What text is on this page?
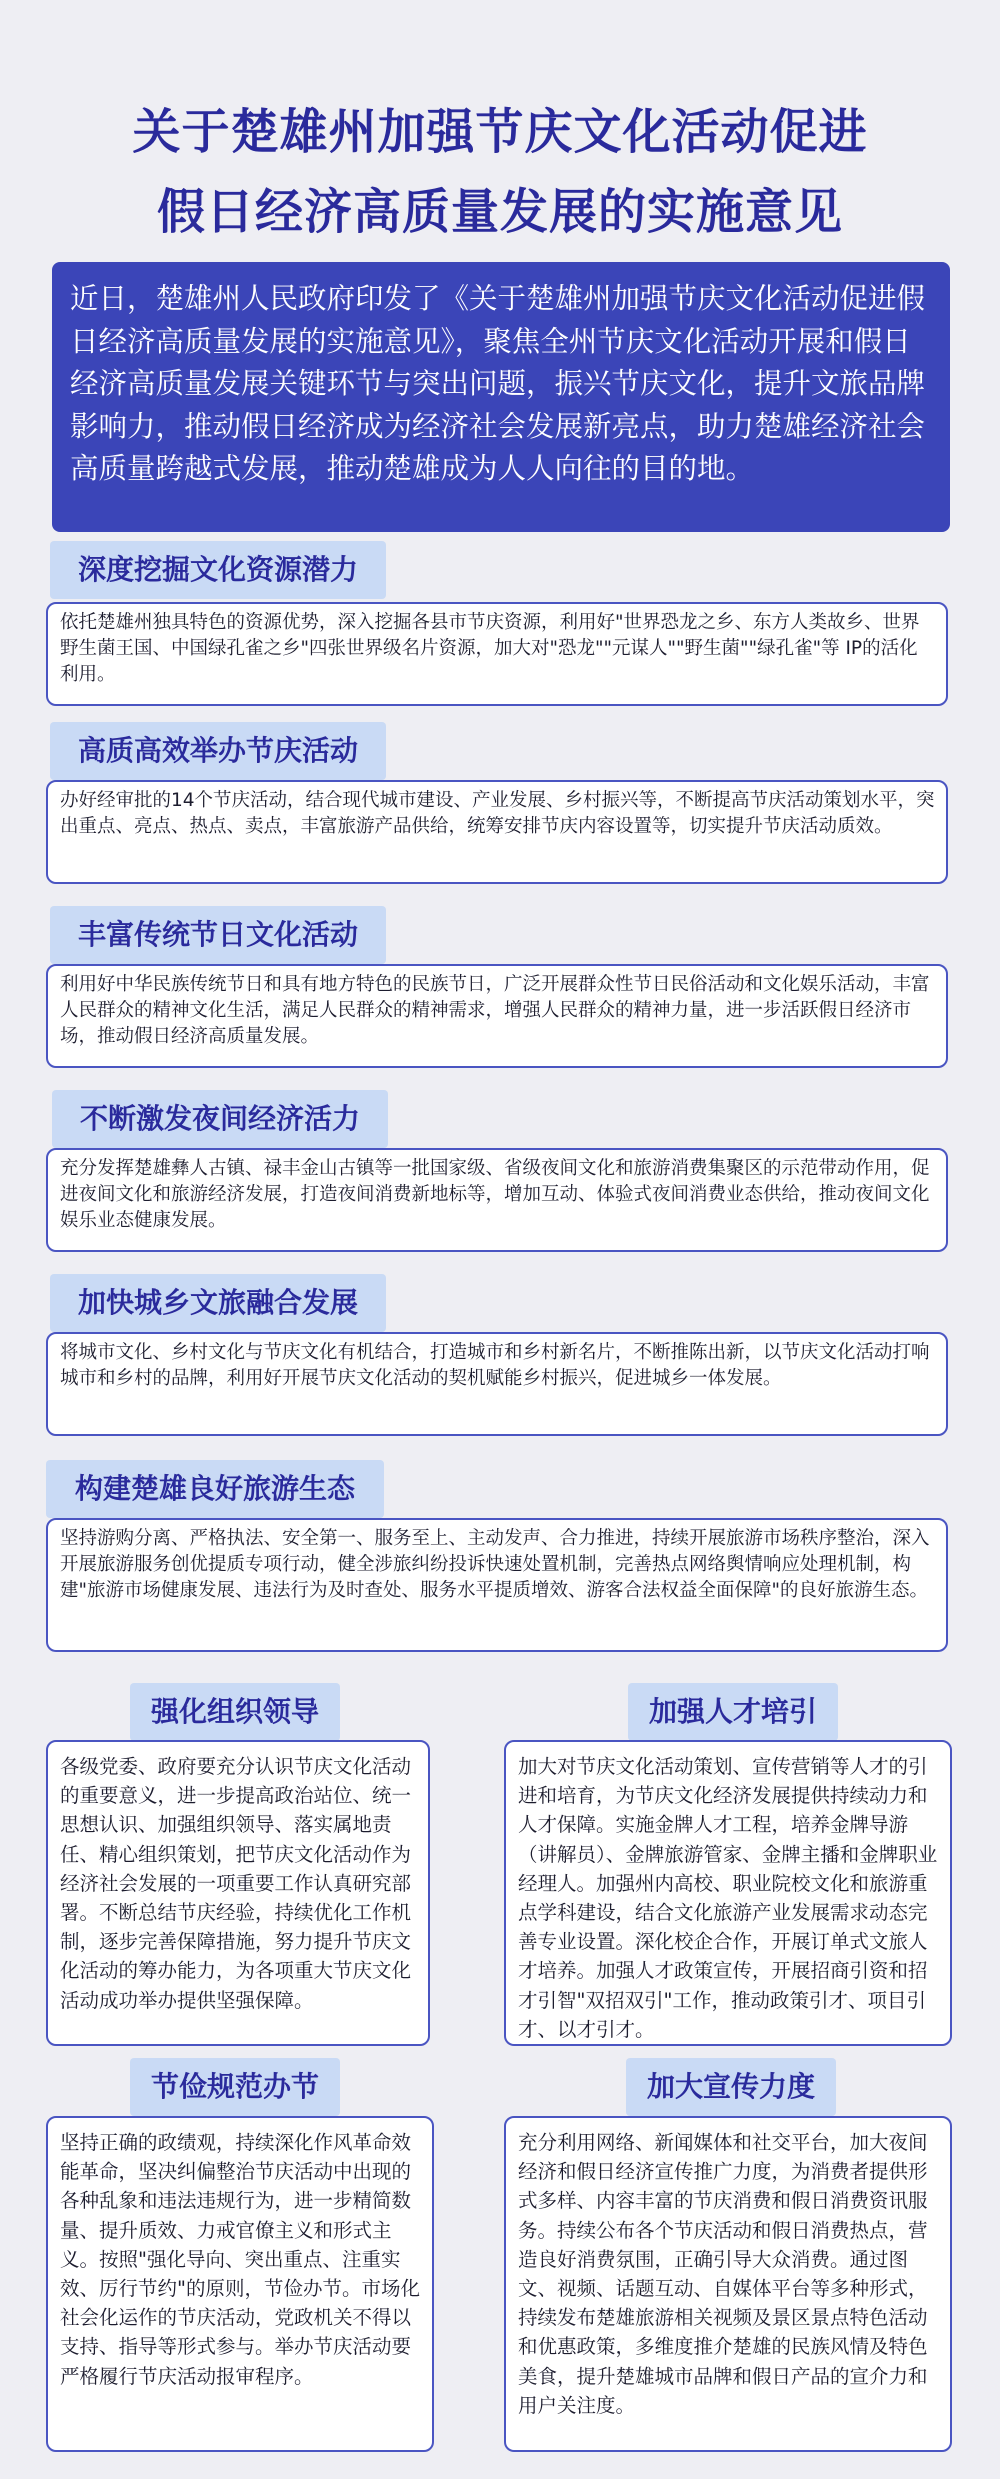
关于楚雄州加强节庆文化活动促进
假日经济高质量发展的实施意见
近日，楚雄州人民政府印发了《关于楚雄州加强节庆文化活动促进假日经济高质量发展的实施意见》，聚焦全州节庆文化活动开展和假日经济高质量发展关键环节与突出问题，振兴节庆文化，提升文旅品牌影响力，推动假日经济成为经济社会发展新亮点，助力楚雄经济社会高质量跨越式发展，推动楚雄成为人人向往的目的地。
深度挖掘文化资源潜力
依托楚雄州独具特色的资源优势，深入挖掘各县市节庆资源，利用好"世界恐龙之乡、东方人类故乡、世界野生菌王国、中国绿孔雀之乡"四张世界级名片资源，加大对"恐龙""元谋人""野生菌""绿孔雀"等 IP的活化利用。
高质高效举办节庆活动
办好经审批的14个节庆活动，结合现代城市建设、产业发展、乡村振兴等，不断提高节庆活动策划水平，突出重点、亮点、热点、卖点，丰富旅游产品供给，统筹安排节庆内容设置等，切实提升节庆活动质效。
丰富传统节日文化活动
利用好中华民族传统节日和具有地方特色的民族节日，广泛开展群众性节日民俗活动和文化娱乐活动，丰富人民群众的精神文化生活，满足人民群众的精神需求，增强人民群众的精神力量，进一步活跃假日经济市场，推动假日经济高质量发展。
不断激发夜间经济活力
充分发挥楚雄彝人古镇、禄丰金山古镇等一批国家级、省级夜间文化和旅游消费集聚区的示范带动作用，促进夜间文化和旅游经济发展，打造夜间消费新地标等，增加互动、体验式夜间消费业态供给，推动夜间文化娱乐业态健康发展。
加快城乡文旅融合发展
将城市文化、乡村文化与节庆文化有机结合，打造城市和乡村新名片，不断推陈出新，以节庆文化活动打响城市和乡村的品牌，利用好开展节庆文化活动的契机赋能乡村振兴，促进城乡一体发展。
构建楚雄良好旅游生态
坚持游购分离、严格执法、安全第一、服务至上、主动发声、合力推进，持续开展旅游市场秩序整治，深入开展旅游服务创优提质专项行动，健全涉旅纠纷投诉快速处置机制，完善热点网络舆情响应处理机制，构建"旅游市场健康发展、违法行为及时查处、服务水平提质增效、游客合法权益全面保障"的良好旅游生态。
强化组织领导
各级党委、政府要充分认识节庆文化活动的重要意义，进一步提高政治站位、统一思想认识、加强组织领导、落实属地责任、精心组织策划，把节庆文化活动作为经济社会发展的一项重要工作认真研究部署。不断总结节庆经验，持续优化工作机制，逐步完善保障措施，努力提升节庆文化活动的筹办能力，为各项重大节庆文化活动成功举办提供坚强保障。
加强人才培引
加大对节庆文化活动策划、宣传营销等人才的引进和培育，为节庆文化经济发展提供持续动力和人才保障。实施金牌人才工程，培养金牌导游（讲解员）、金牌旅游管家、金牌主播和金牌职业经理人。加强州内高校、职业院校文化和旅游重点学科建设，结合文化旅游产业发展需求动态完善专业设置。深化校企合作，开展订单式文旅人才培养。加强人才政策宣传，开展招商引资和招才引智"双招双引"工作，推动政策引才、项目引才、以才引才。
节俭规范办节
坚持正确的政绩观，持续深化作风革命效能革命，坚决纠偏整治节庆活动中出现的各种乱象和违法违规行为，进一步精简数量、提升质效、力戒官僚主义和形式主义。按照"强化导向、突出重点、注重实效、厉行节约"的原则，节俭办节。市场化社会化运作的节庆活动，党政机关不得以支持、指导等形式参与。举办节庆活动要严格履行节庆活动报审程序。
加大宣传力度
充分利用网络、新闻媒体和社交平台，加大夜间经济和假日经济宣传推广力度，为消费者提供形式多样、内容丰富的节庆消费和假日消费资讯服务。持续公布各个节庆活动和假日消费热点，营造良好消费氛围，正确引导大众消费。通过图文、视频、话题互动、自媒体平台等多种形式，持续发布楚雄旅游相关视频及景区景点特色活动和优惠政策，多维度推介楚雄的民族风情及特色美食，提升楚雄城市品牌和假日产品的宣介力和用户关注度。
